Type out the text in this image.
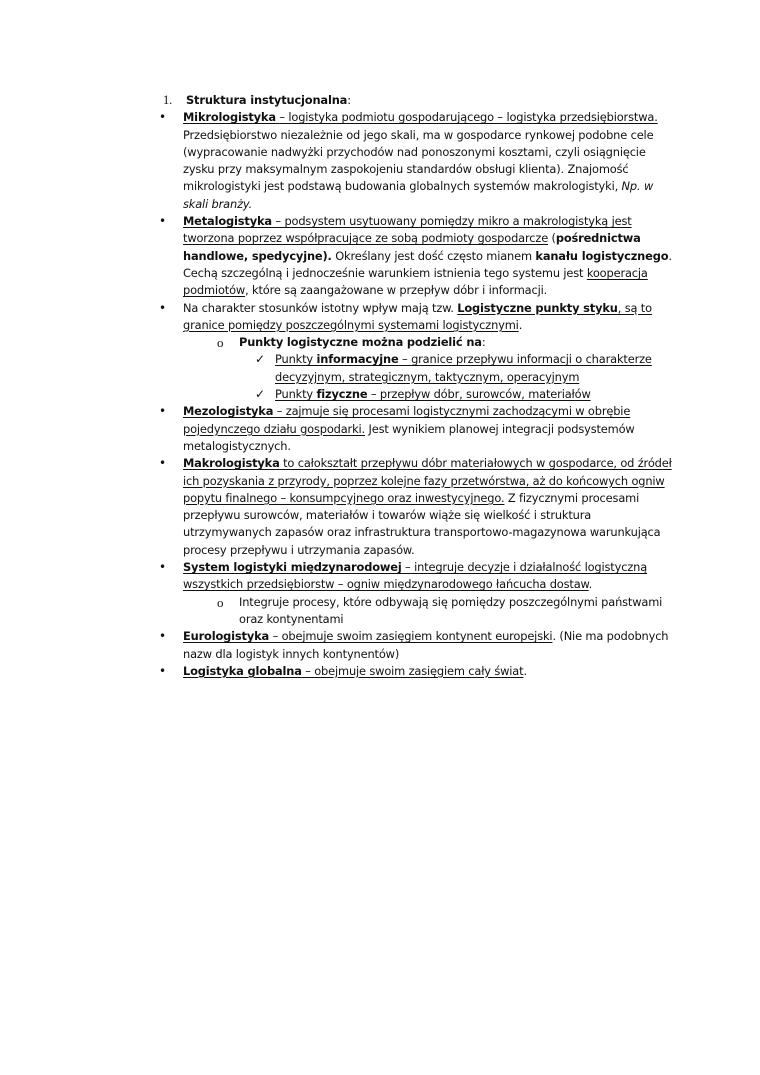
1. Struktura instytucjonalna:
• Mikrologistyka – logistyka podmiotu gospodarującego – logistyka przedsiębiorstwa. Przedsiębiorstwo niezależnie od jego skali, ma w gospodarce rynkowej podobne cele (wypracowanie nadwyżki przychodów nad ponoszonymi kosztami, czyli osiągnięcie zysku przy maksymalnym zaspokojeniu standardów obsługi klienta). Znajomość mikrologistyki jest podstawą budowania globalnych systemów makrologistyki, Np. w skali branży.
• Metalogistyka – podsystem usytuowany pomiędzy mikro a makrologistyką jest tworzona poprzez współpracujące ze sobą podmioty gospodarcze (pośrednictwa handlowe, spedycyjne). Określany jest dość często mianem kanału logistycznego. Cechą szczególną i jednocześnie warunkiem istnienia tego systemu jest kooperacja podmiotów, które są zaangażowane w przepływ dóbr i informacji.
• Na charakter stosunków istotny wpływ mają tzw. Logistyczne punkty styku, są to granice pomiędzy poszczególnymi systemami logistycznymi.
o Punkty logistyczne można podzielić na:
✓ Punkty informacyjne – granice przepływu informacji o charakterze decyzyjnym, strategicznym, taktycznym, operacyjnym
✓ Punkty fizyczne – przepływ dóbr, surowców, materiałów
• Mezologistyka – zajmuje się procesami logistycznymi zachodzącymi w obrębie pojedynczego działu gospodarki. Jest wynikiem planowej integracji podsystemów metalogistycznych.
• Makrologistyka to całokształt przepływu dóbr materiałowych w gospodarce, od źródeł ich pozyskania z przyrody, poprzez kolejne fazy przetwórstwa, aż do końcowych ogniw popytu finalnego – konsumpcyjnego oraz inwestycyjnego. Z fizycznymi procesami przepływu surowców, materiałów i towarów wiąże się wielkość i struktura utrzymywanych zapasów oraz infrastruktura transportowo-magazynowa warunkująca procesy przepływu i utrzymania zapasów.
• System logistyki międzynarodowej – integruje decyzje i działalność logistyczną wszystkich przedsiębiorstw – ogniw międzynarodowego łańcucha dostaw.
o Integruje procesy, które odbywają się pomiędzy poszczególnymi państwami oraz kontynentami
• Eurologistyka – obejmuje swoim zasięgiem kontynent europejski. (Nie ma podobnych nazw dla logistyk innych kontynentów)
• Logistyka globalna – obejmuje swoim zasięgiem cały świat.
